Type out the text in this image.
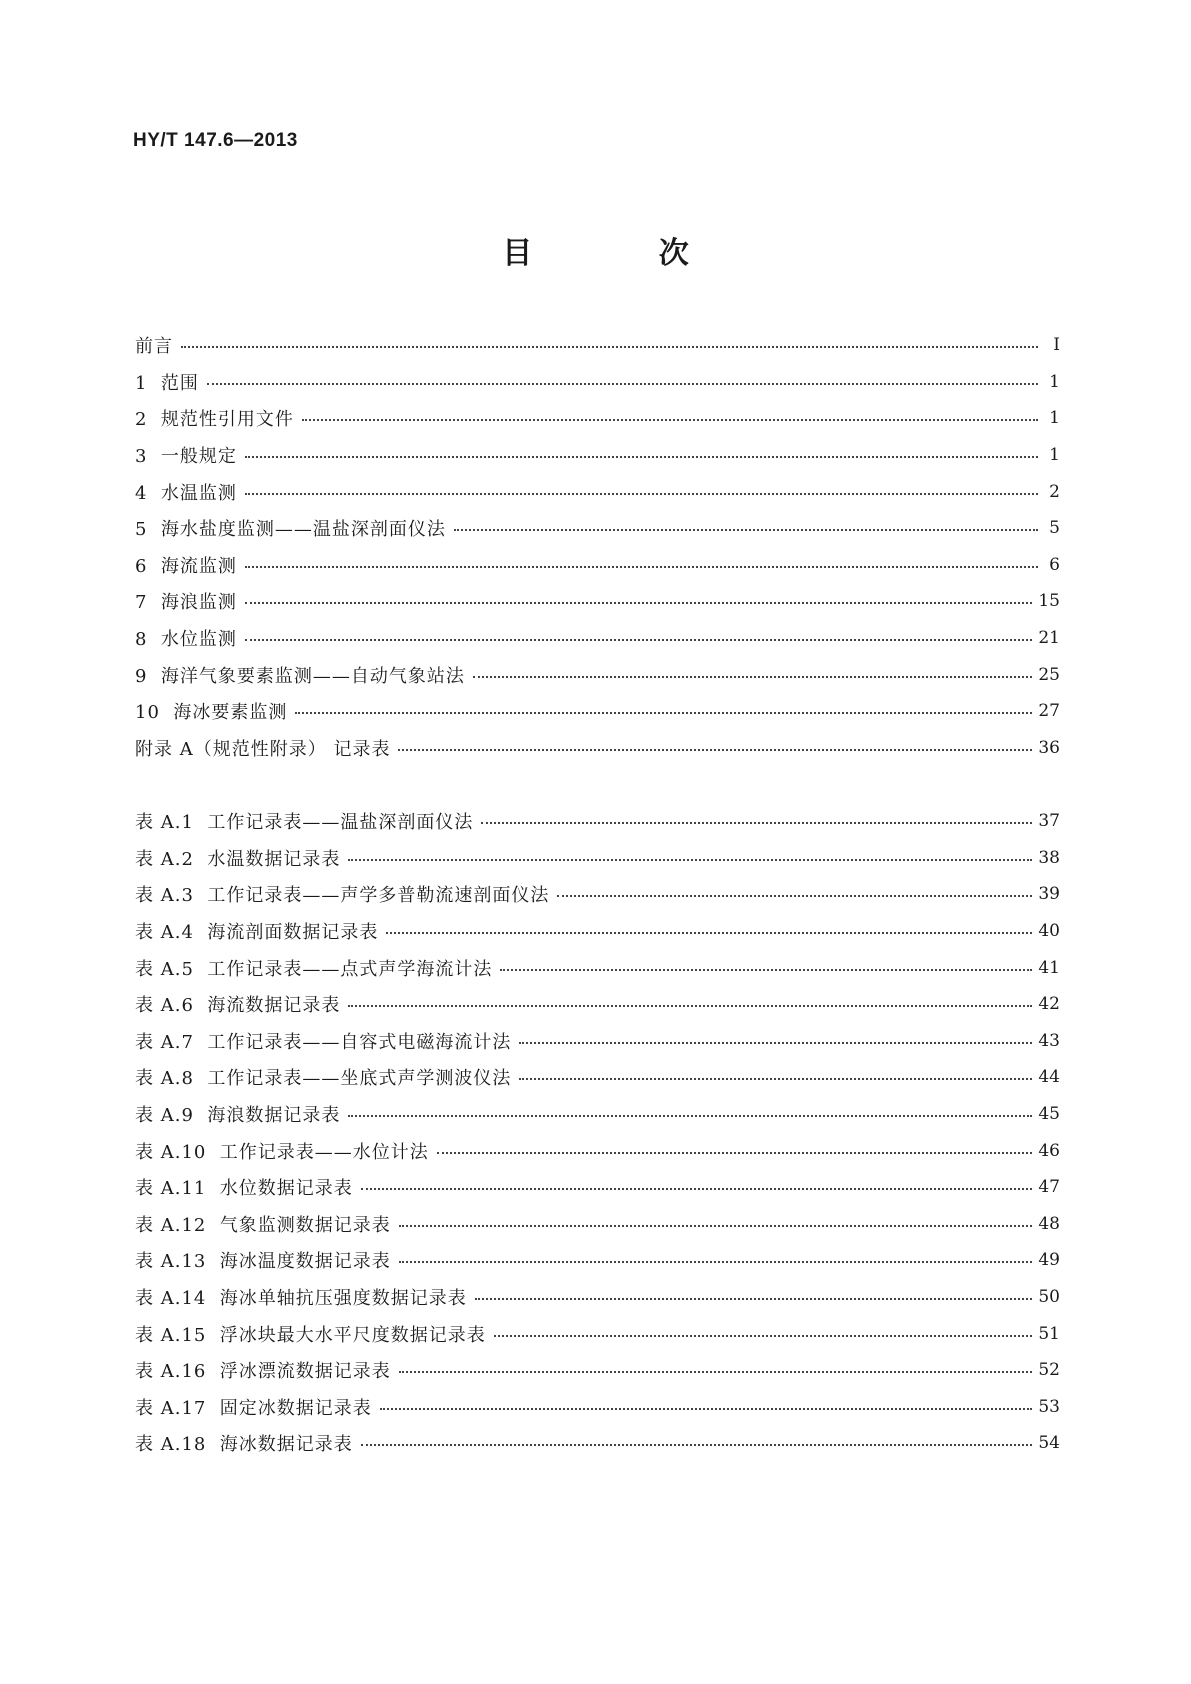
HY/T 147.6—2013
目 次
前言	Ⅰ
1  范围	1
2  规范性引用文件	1
3  一般规定	1
4  水温监测	2
5  海水盐度监测——温盐深剖面仪法	5
6  海流监测	6
7  海浪监测	15
8  水位监测	21
9  海洋气象要素监测——自动气象站法	25
10  海冰要素监测	27
附录 A（规范性附录） 记录表	36
表 A.1  工作记录表——温盐深剖面仪法	37
表 A.2  水温数据记录表	38
表 A.3  工作记录表——声学多普勒流速剖面仪法	39
表 A.4  海流剖面数据记录表	40
表 A.5  工作记录表——点式声学海流计法	41
表 A.6  海流数据记录表	42
表 A.7  工作记录表——自容式电磁海流计法	43
表 A.8  工作记录表——坐底式声学测波仪法	44
表 A.9  海浪数据记录表	45
表 A.10  工作记录表——水位计法	46
表 A.11  水位数据记录表	47
表 A.12  气象监测数据记录表	48
表 A.13  海冰温度数据记录表	49
表 A.14  海冰单轴抗压强度数据记录表	50
表 A.15  浮冰块最大水平尺度数据记录表	51
表 A.16  浮冰漂流数据记录表	52
表 A.17  固定冰数据记录表	53
表 A.18  海冰数据记录表	54
